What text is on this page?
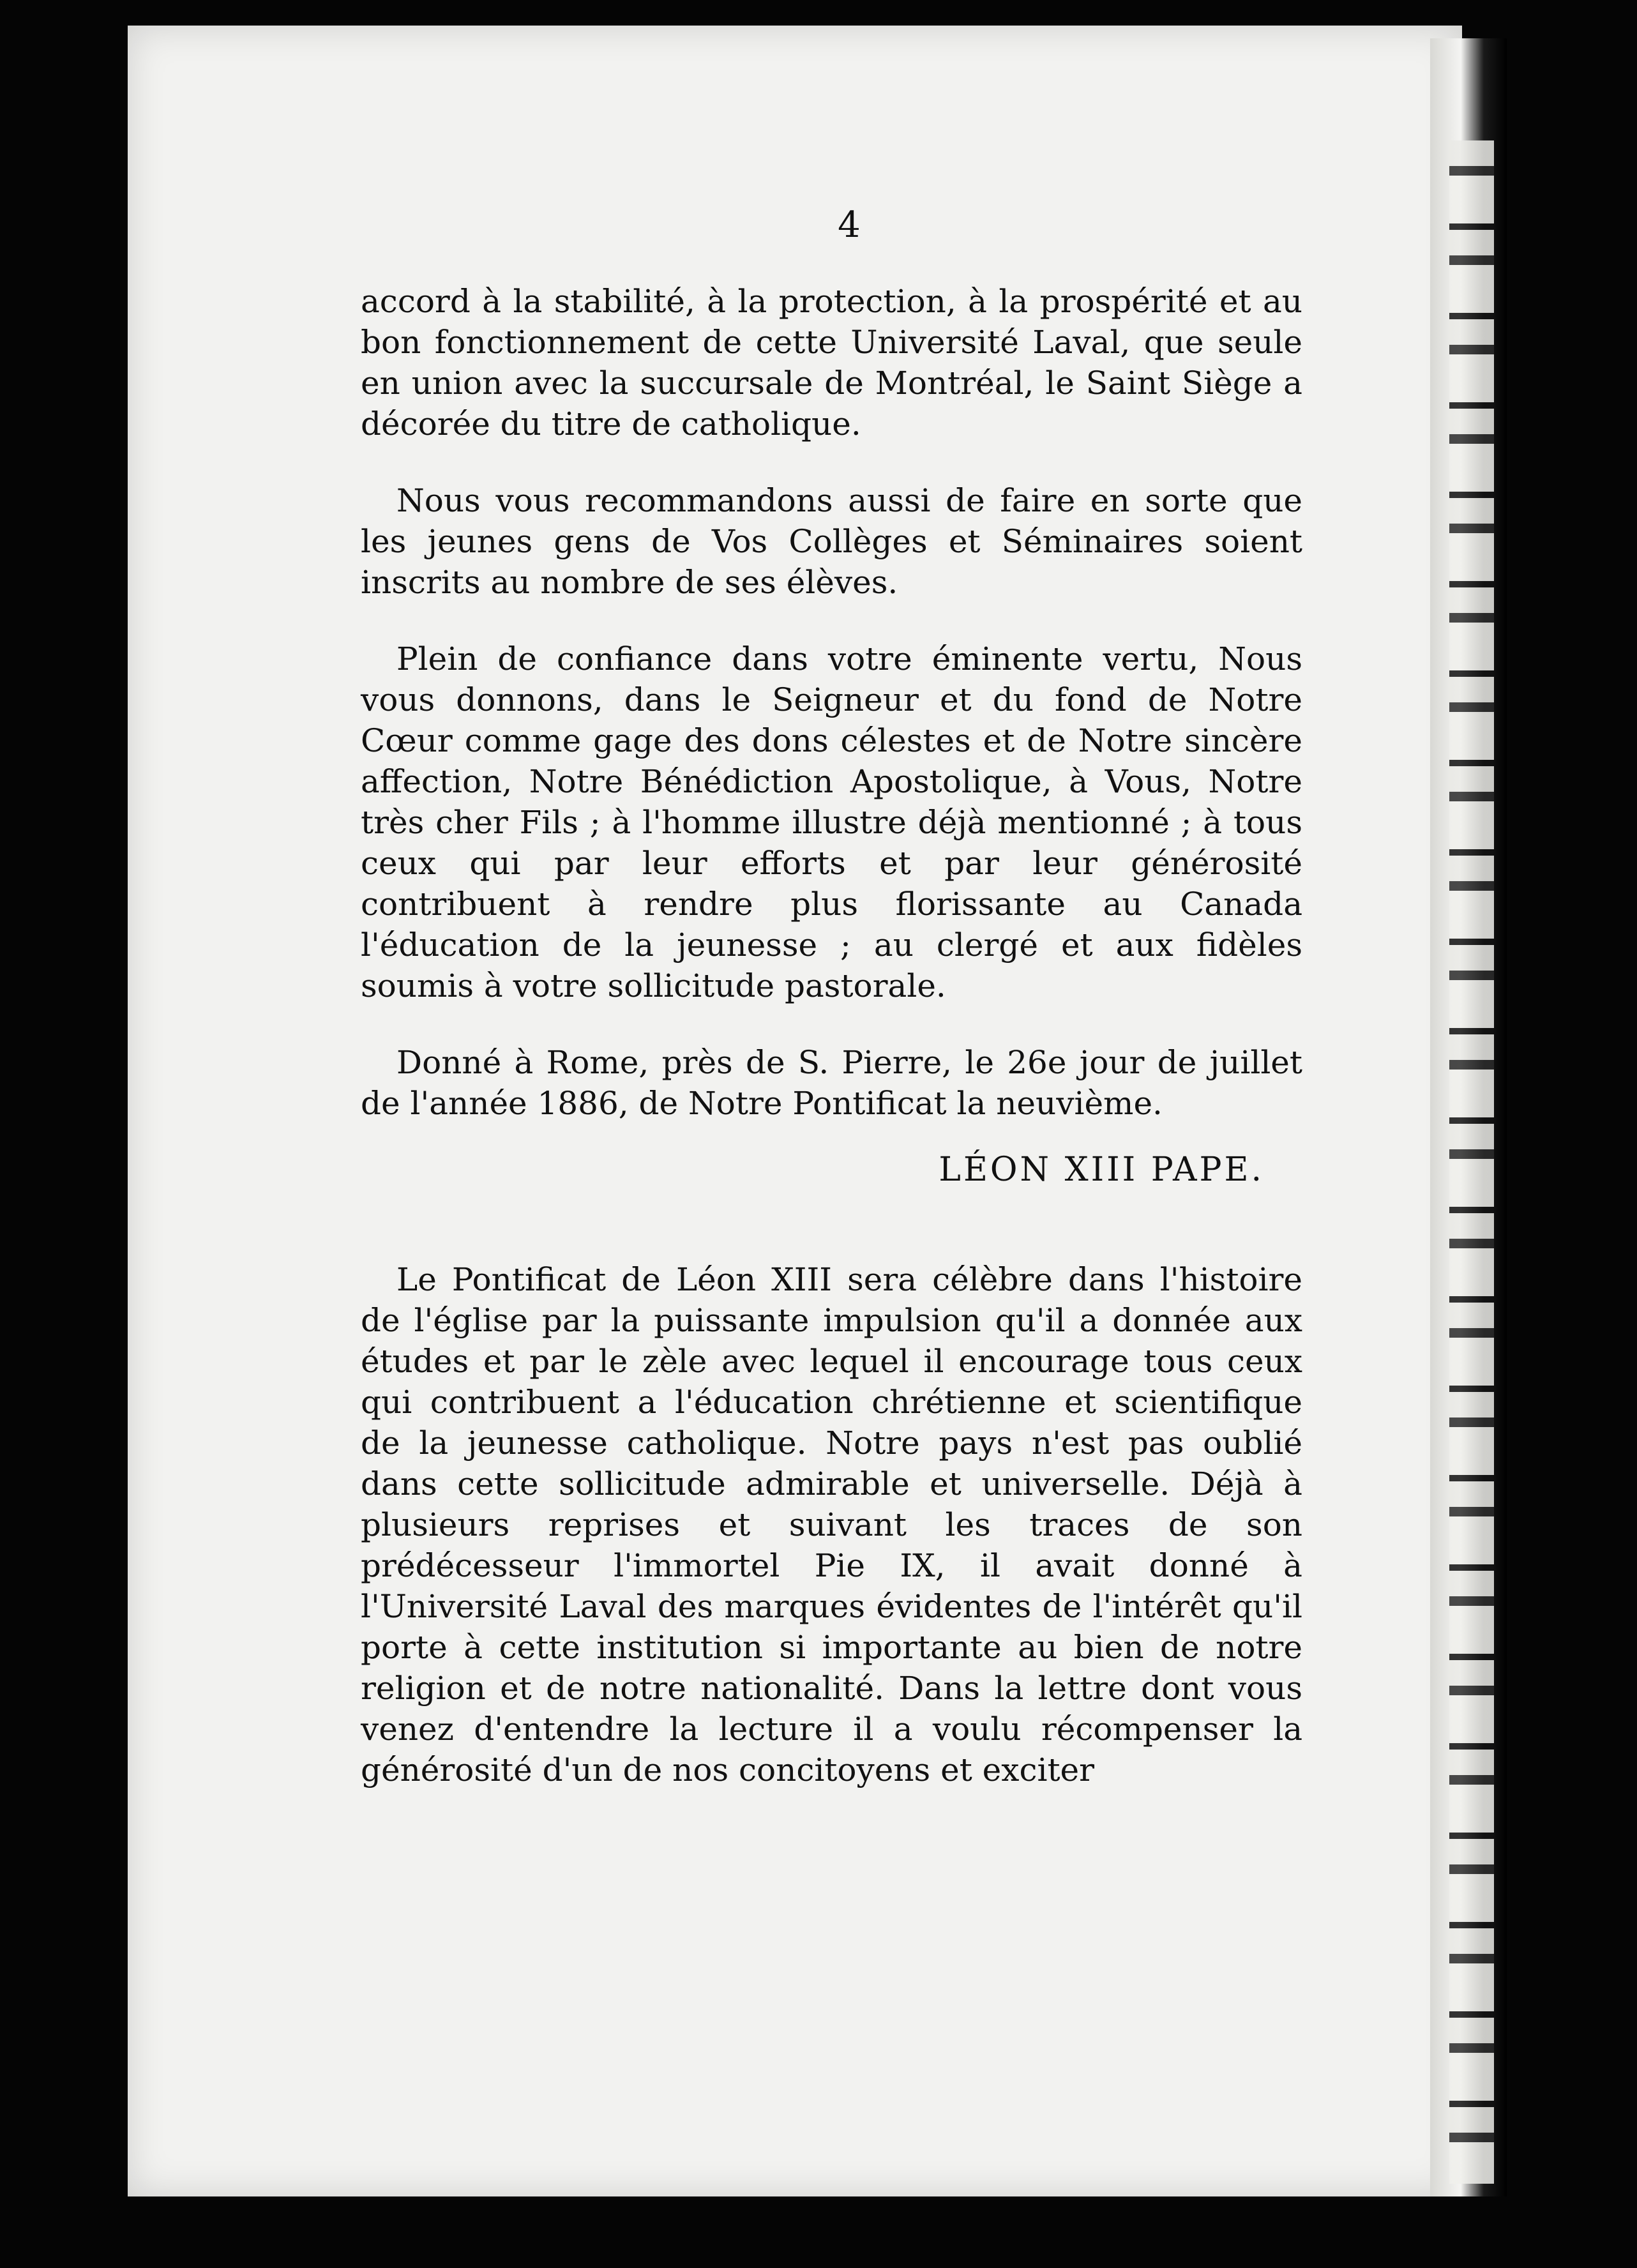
4

accord à la stabilité, à la protection, à la prospérité et au bon fonctionnement de cette Université Laval, que seule en union avec la succursale de Montréal, le Saint Siège a décorée du titre de catholique.

Nous vous recommandons aussi de faire en sorte que les jeunes gens de Vos Collèges et Séminaires soient inscrits au nombre de ses élèves.

Plein de confiance dans votre éminente vertu, Nous vous donnons, dans le Seigneur et du fond de Notre Cœur comme gage des dons célestes et de Notre sincère affection, Notre Bénédiction Apostolique, à Vous, Notre très cher Fils ; à l'homme illustre déjà mentionné ; à tous ceux qui par leur efforts et par leur générosité contribuent à rendre plus florissante au Canada l'éducation de la jeunesse ; au clergé et aux fidèles soumis à votre sollicitude pastorale.

Donné à Rome, près de S. Pierre, le 26e jour de juillet de l'année 1886, de Notre Pontificat la neuvième.

LÉON XIII PAPE.

Le Pontificat de Léon XIII sera célèbre dans l'histoire de l'église par la puissante impulsion qu'il a donnée aux études et par le zèle avec lequel il encourage tous ceux qui contribuent a l'éducation chrétienne et scientifique de la jeunesse catholique. Notre pays n'est pas oublié dans cette sollicitude admirable et universelle. Déjà à plusieurs reprises et suivant les traces de son prédécesseur l'immortel Pie IX, il avait donné à l'Université Laval des marques évidentes de l'intérêt qu'il porte à cette institution si importante au bien de notre religion et de notre nationalité. Dans la lettre dont vous venez d'entendre la lecture il a voulu récompenser la générosité d'un de nos concitoyens et exciter
